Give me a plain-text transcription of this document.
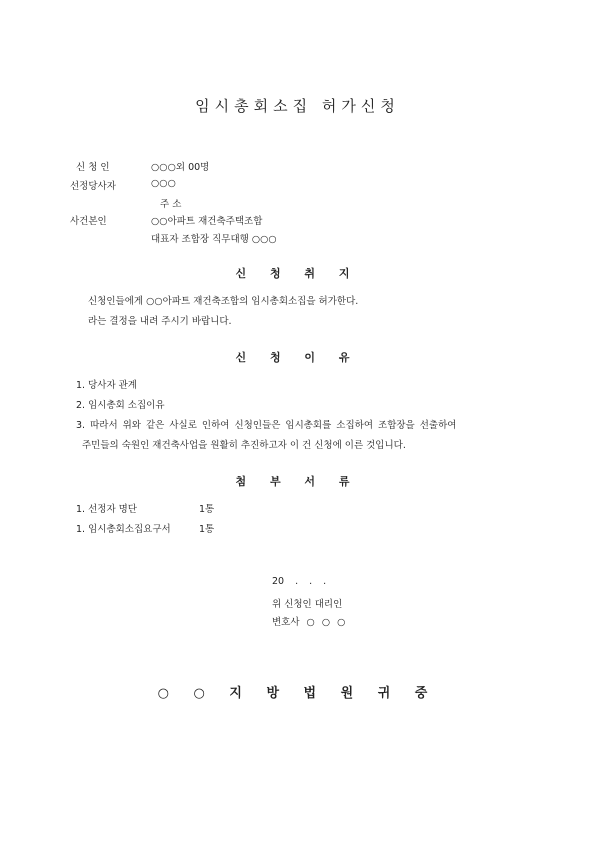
임시총회소집 허가신청
신 청 인	○○○외 00명
선정당사자	○○○
주 소
사건본인	○○아파트 재건축주택조합
대표자 조합장 직무대행 ○○○
신 청 취 지
신청인들에게 ○○아파트 재건축조합의 임시총회소집을 허가한다.
라는 결정을 내려 주시기 바랍니다.
신 청 이 유
1. 당사자 관계
2. 임시총회 소집이유
3. 따라서 위와 같은 사실로 인하여 신청인들은 임시총회를 소집하여 조합장을 선출하여
주민들의 숙원인 재건축사업을 원활히 추진하고자 이 건 신청에 이른 것입니다.
첨 부 서 류
1. 선정자 명단	1통
1. 임시총회소집요구서	1통
20 . . .
위 신청인 대리인
변호사 ○ ○ ○
○ ○ 지 방 법 원 귀 중
